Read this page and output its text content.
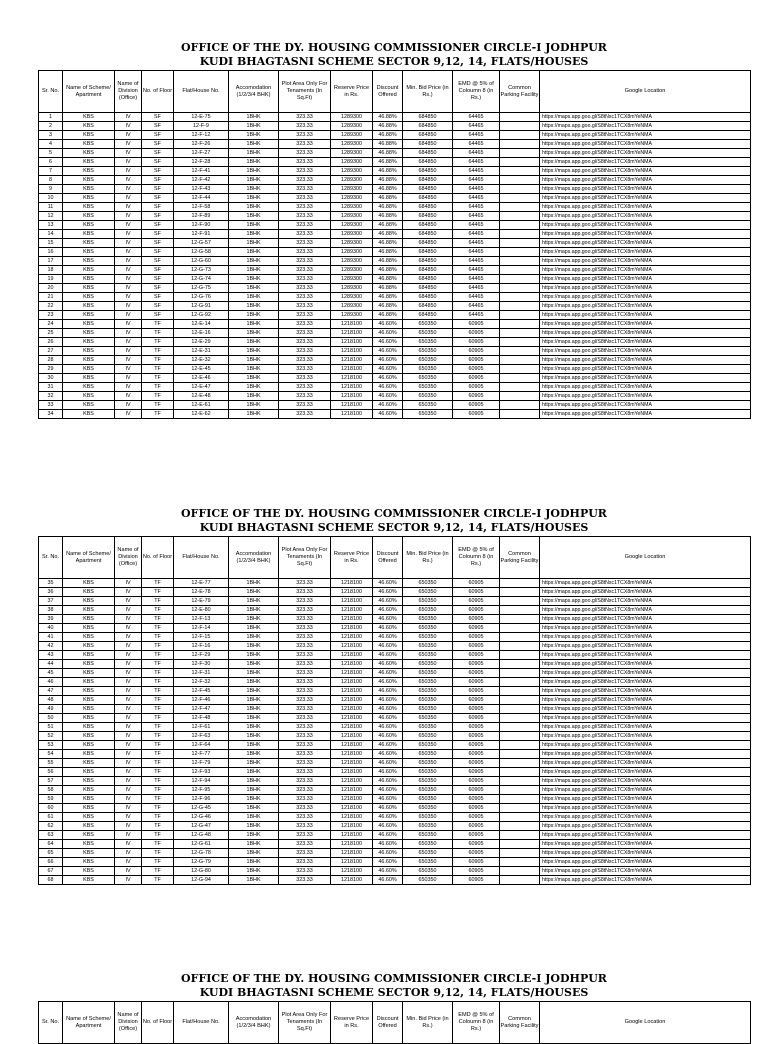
OFFICE OF THE DY. HOUSING COMMISSIONER CIRCLE-I JODHPUR
KUDI BHAGTASNI SCHEME SECTOR 9,12, 14, FLATS/HOUSES
Sr. No.	Name of Scheme/ Apartment	Name of Division (Office)	No. of Floor	Flat/House No.	Accomodation (1/2/3/4 BHK)	Plot Area Only For Tenaments (In Sq.Ft)	Reserve Price in Rs.	Discount Offered	Min. Bid Price (in Rs.)	EMD @ 5% of Coloumn 8 (in Rs.)	Common Parking Facility	Google Location
1	KBS	IV	SF	12-E-75	1BHK	323.33	1289300	46.88%	684850	64465		https://maps.app.goo.gl/S8tNxc1TCX8mYeNMA
2	KBS	IV	SF	12-F-9	1BHK	323.33	1289300	46.88%	684850	64465		https://maps.app.goo.gl/S8tNxc1TCX8mYeNMA
3	KBS	IV	SF	12-F-12	1BHK	323.33	1289300	46.88%	684850	64465		https://maps.app.goo.gl/S8tNxc1TCX8mYeNMA
4	KBS	IV	SF	12-F-26	1BHK	323.33	1289300	46.88%	684850	64465		https://maps.app.goo.gl/S8tNxc1TCX8mYeNMA
5	KBS	IV	SF	12-F-27	1BHK	323.33	1289300	46.88%	684850	64465		https://maps.app.goo.gl/S8tNxc1TCX8mYeNMA
6	KBS	IV	SF	12-F-28	1BHK	323.33	1289300	46.88%	684850	64465		https://maps.app.goo.gl/S8tNxc1TCX8mYeNMA
7	KBS	IV	SF	12-F-41	1BHK	323.33	1289300	46.88%	684850	64465		https://maps.app.goo.gl/S8tNxc1TCX8mYeNMA
8	KBS	IV	SF	12-F-42	1BHK	323.33	1289300	46.88%	684850	64465		https://maps.app.goo.gl/S8tNxc1TCX8mYeNMA
9	KBS	IV	SF	12-F-43	1BHK	323.33	1289300	46.88%	684850	64465		https://maps.app.goo.gl/S8tNxc1TCX8mYeNMA
10	KBS	IV	SF	12-F-44	1BHK	323.33	1289300	46.88%	684850	64465		https://maps.app.goo.gl/S8tNxc1TCX8mYeNMA
11	KBS	IV	SF	12-F-58	1BHK	323.33	1289300	46.88%	684850	64465		https://maps.app.goo.gl/S8tNxc1TCX8mYeNMA
12	KBS	IV	SF	12-F-89	1BHK	323.33	1289300	46.88%	684850	64465		https://maps.app.goo.gl/S8tNxc1TCX8mYeNMA
13	KBS	IV	SF	12-F-90	1BHK	323.33	1289300	46.88%	684850	64465		https://maps.app.goo.gl/S8tNxc1TCX8mYeNMA
14	KBS	IV	SF	12-F-91	1BHK	323.33	1289300	46.88%	684850	64465		https://maps.app.goo.gl/S8tNxc1TCX8mYeNMA
15	KBS	IV	SF	12-G-57	1BHK	323.33	1289300	46.88%	684850	64465		https://maps.app.goo.gl/S8tNxc1TCX8mYeNMA
16	KBS	IV	SF	12-G-58	1BHK	323.33	1289300	46.88%	684850	64465		https://maps.app.goo.gl/S8tNxc1TCX8mYeNMA
17	KBS	IV	SF	12-G-60	1BHK	323.33	1289300	46.88%	684850	64465		https://maps.app.goo.gl/S8tNxc1TCX8mYeNMA
18	KBS	IV	SF	12-G-73	1BHK	323.33	1289300	46.88%	684850	64465		https://maps.app.goo.gl/S8tNxc1TCX8mYeNMA
19	KBS	IV	SF	12-G-74	1BHK	323.33	1289300	46.88%	684850	64465		https://maps.app.goo.gl/S8tNxc1TCX8mYeNMA
20	KBS	IV	SF	12-G-75	1BHK	323.33	1289300	46.88%	684850	64465		https://maps.app.goo.gl/S8tNxc1TCX8mYeNMA
21	KBS	IV	SF	12-G-76	1BHK	323.33	1289300	46.88%	684850	64465		https://maps.app.goo.gl/S8tNxc1TCX8mYeNMA
22	KBS	IV	SF	12-G-91	1BHK	323.33	1289300	46.88%	684850	64465		https://maps.app.goo.gl/S8tNxc1TCX8mYeNMA
23	KBS	IV	SF	12-G-92	1BHK	323.33	1289300	46.88%	684850	64465		https://maps.app.goo.gl/S8tNxc1TCX8mYeNMA
24	KBS	IV	TF	12-E-14	1BHK	323.33	1218100	46.60%	650350	60905		https://maps.app.goo.gl/S8tNxc1TCX8mYeNMA
25	KBS	IV	TF	12-E-16	1BHK	323.33	1218100	46.60%	650350	60905		https://maps.app.goo.gl/S8tNxc1TCX8mYeNMA
26	KBS	IV	TF	12-E-29	1BHK	323.33	1218100	46.60%	650350	60905		https://maps.app.goo.gl/S8tNxc1TCX8mYeNMA
27	KBS	IV	TF	12-E-31	1BHK	323.33	1218100	46.60%	650350	60905		https://maps.app.goo.gl/S8tNxc1TCX8mYeNMA
28	KBS	IV	TF	12-E-32	1BHK	323.33	1218100	46.60%	650350	60905		https://maps.app.goo.gl/S8tNxc1TCX8mYeNMA
29	KBS	IV	TF	12-E-45	1BHK	323.33	1218100	46.60%	650350	60905		https://maps.app.goo.gl/S8tNxc1TCX8mYeNMA
30	KBS	IV	TF	12-E-46	1BHK	323.33	1218100	46.60%	650350	60905		https://maps.app.goo.gl/S8tNxc1TCX8mYeNMA
31	KBS	IV	TF	12-E-47	1BHK	323.33	1218100	46.60%	650350	60905		https://maps.app.goo.gl/S8tNxc1TCX8mYeNMA
32	KBS	IV	TF	12-E-48	1BHK	323.33	1218100	46.60%	650350	60905		https://maps.app.goo.gl/S8tNxc1TCX8mYeNMA
33	KBS	IV	TF	12-E-61	1BHK	323.33	1218100	46.60%	650350	60905		https://maps.app.goo.gl/S8tNxc1TCX8mYeNMA
34	KBS	IV	TF	12-E-62	1BHK	323.33	1218100	46.60%	650350	60905		https://maps.app.goo.gl/S8tNxc1TCX8mYeNMA
OFFICE OF THE DY. HOUSING COMMISSIONER CIRCLE-I JODHPUR
KUDI BHAGTASNI SCHEME SECTOR 9,12, 14, FLATS/HOUSES
Sr. No.	Name of Scheme/ Apartment	Name of Division (Office)	No. of Floor	Flat/House No.	Accomodation (1/2/3/4 BHK)	Plot Area Only For Tenaments (In Sq.Ft)	Reserve Price in Rs.	Discount Offered	Min. Bid Price (in Rs.)	EMD @ 5% of Coloumn 8 (in Rs.)	Common Parking Facility	Google Location
35	KBS	IV	TF	12-E-77	1BHK	323.33	1218100	46.60%	650350	60905		https://maps.app.goo.gl/S8tNxc1TCX8mYeNMA
36	KBS	IV	TF	12-E-78	1BHK	323.33	1218100	46.60%	650350	60905		https://maps.app.goo.gl/S8tNxc1TCX8mYeNMA
37	KBS	IV	TF	12-E-79	1BHK	323.33	1218100	46.60%	650350	60905		https://maps.app.goo.gl/S8tNxc1TCX8mYeNMA
38	KBS	IV	TF	12-E-80	1BHK	323.33	1218100	46.60%	650350	60905		https://maps.app.goo.gl/S8tNxc1TCX8mYeNMA
39	KBS	IV	TF	12-F-13	1BHK	323.33	1218100	46.60%	650350	60905		https://maps.app.goo.gl/S8tNxc1TCX8mYeNMA
40	KBS	IV	TF	12-F-14	1BHK	323.33	1218100	46.60%	650350	60905		https://maps.app.goo.gl/S8tNxc1TCX8mYeNMA
41	KBS	IV	TF	12-F-15	1BHK	323.33	1218100	46.60%	650350	60905		https://maps.app.goo.gl/S8tNxc1TCX8mYeNMA
42	KBS	IV	TF	12-F-16	1BHK	323.33	1218100	46.60%	650350	60905		https://maps.app.goo.gl/S8tNxc1TCX8mYeNMA
43	KBS	IV	TF	12-F-29	1BHK	323.33	1218100	46.60%	650350	60905		https://maps.app.goo.gl/S8tNxc1TCX8mYeNMA
44	KBS	IV	TF	12-F-30	1BHK	323.33	1218100	46.60%	650350	60905		https://maps.app.goo.gl/S8tNxc1TCX8mYeNMA
45	KBS	IV	TF	12-F-31	1BHK	323.33	1218100	46.60%	650350	60905		https://maps.app.goo.gl/S8tNxc1TCX8mYeNMA
46	KBS	IV	TF	12-F-32	1BHK	323.33	1218100	46.60%	650350	60905		https://maps.app.goo.gl/S8tNxc1TCX8mYeNMA
47	KBS	IV	TF	12-F-45	1BHK	323.33	1218100	46.60%	650350	60905		https://maps.app.goo.gl/S8tNxc1TCX8mYeNMA
48	KBS	IV	TF	12-F-46	1BHK	323.33	1218100	46.60%	650350	60905		https://maps.app.goo.gl/S8tNxc1TCX8mYeNMA
49	KBS	IV	TF	12-F-47	1BHK	323.33	1218100	46.60%	650350	60905		https://maps.app.goo.gl/S8tNxc1TCX8mYeNMA
50	KBS	IV	TF	12-F-48	1BHK	323.33	1218100	46.60%	650350	60905		https://maps.app.goo.gl/S8tNxc1TCX8mYeNMA
51	KBS	IV	TF	12-F-61	1BHK	323.33	1218100	46.60%	650350	60905		https://maps.app.goo.gl/S8tNxc1TCX8mYeNMA
52	KBS	IV	TF	12-F-63	1BHK	323.33	1218100	46.60%	650350	60905		https://maps.app.goo.gl/S8tNxc1TCX8mYeNMA
53	KBS	IV	TF	12-F-64	1BHK	323.33	1218100	46.60%	650350	60905		https://maps.app.goo.gl/S8tNxc1TCX8mYeNMA
54	KBS	IV	TF	12-F-77	1BHK	323.33	1218100	46.60%	650350	60905		https://maps.app.goo.gl/S8tNxc1TCX8mYeNMA
55	KBS	IV	TF	12-F-79	1BHK	323.33	1218100	46.60%	650350	60905		https://maps.app.goo.gl/S8tNxc1TCX8mYeNMA
56	KBS	IV	TF	12-F-93	1BHK	323.33	1218100	46.60%	650350	60905		https://maps.app.goo.gl/S8tNxc1TCX8mYeNMA
57	KBS	IV	TF	12-F-94	1BHK	323.33	1218100	46.60%	650350	60905		https://maps.app.goo.gl/S8tNxc1TCX8mYeNMA
58	KBS	IV	TF	12-F-95	1BHK	323.33	1218100	46.60%	650350	60905		https://maps.app.goo.gl/S8tNxc1TCX8mYeNMA
59	KBS	IV	TF	12-F-96	1BHK	323.33	1218100	46.60%	650350	60905		https://maps.app.goo.gl/S8tNxc1TCX8mYeNMA
60	KBS	IV	TF	12-G-45	1BHK	323.33	1218100	46.60%	650350	60905		https://maps.app.goo.gl/S8tNxc1TCX8mYeNMA
61	KBS	IV	TF	12-G-46	1BHK	323.33	1218100	46.60%	650350	60905		https://maps.app.goo.gl/S8tNxc1TCX8mYeNMA
62	KBS	IV	TF	12-G-47	1BHK	323.33	1218100	46.60%	650350	60905		https://maps.app.goo.gl/S8tNxc1TCX8mYeNMA
63	KBS	IV	TF	12-G-48	1BHK	323.33	1218100	46.60%	650350	60905		https://maps.app.goo.gl/S8tNxc1TCX8mYeNMA
64	KBS	IV	TF	12-G-61	1BHK	323.33	1218100	46.60%	650350	60905		https://maps.app.goo.gl/S8tNxc1TCX8mYeNMA
65	KBS	IV	TF	12-G-78	1BHK	323.33	1218100	46.60%	650350	60905		https://maps.app.goo.gl/S8tNxc1TCX8mYeNMA
66	KBS	IV	TF	12-G-79	1BHK	323.33	1218100	46.60%	650350	60905		https://maps.app.goo.gl/S8tNxc1TCX8mYeNMA
67	KBS	IV	TF	12-G-80	1BHK	323.33	1218100	46.60%	650350	60905		https://maps.app.goo.gl/S8tNxc1TCX8mYeNMA
68	KBS	IV	TF	12-G-94	1BHK	323.33	1218100	46.60%	650350	60905		https://maps.app.goo.gl/S8tNxc1TCX8mYeNMA
OFFICE OF THE DY. HOUSING COMMISSIONER CIRCLE-I JODHPUR
KUDI BHAGTASNI SCHEME SECTOR 9,12, 14, FLATS/HOUSES
Sr. No.	Name of Scheme/ Apartment	Name of Division (Office)	No. of Floor	Flat/House No.	Accomodation (1/2/3/4 BHK)	Plot Area Only For Tenaments (In Sq.Ft)	Reserve Price in Rs.	Discount Offered	Min. Bid Price (in Rs.)	EMD @ 5% of Coloumn 8 (in Rs.)	Common Parking Facility	Google Location
